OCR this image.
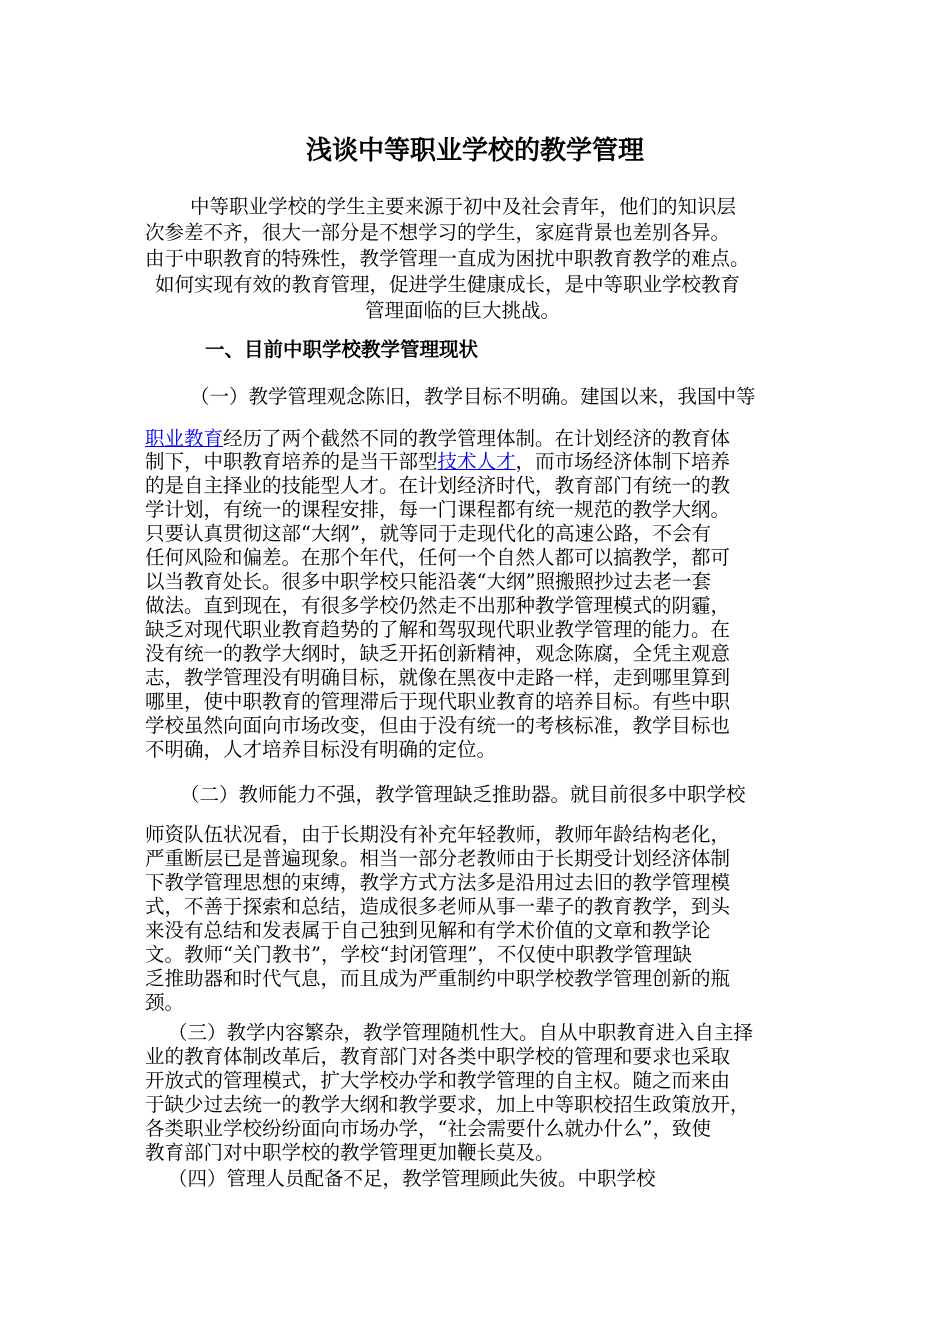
浅谈中等职业学校的教学管理
中等职业学校的学生主要来源于初中及社会青年，他们的知识层
次参差不齐，很大一部分是不想学习的学生，家庭背景也差别各异。
由于中职教育的特殊性，教学管理一直成为困扰中职教育教学的难点。
如何实现有效的教育管理，促进学生健康成长，是中等职业学校教育
管理面临的巨大挑战。
一、目前中职学校教学管理现状
（一）教学管理观念陈旧，教学目标不明确。建国以来，我国中等
职业教育经历了两个截然不同的教学管理体制。在计划经济的教育体
制下，中职教育培养的是当干部型技术人才，而市场经济体制下培养
的是自主择业的技能型人才。在计划经济时代，教育部门有统一的教
学计划，有统一的课程安排，每一门课程都有统一规范的教学大纲。
只要认真贯彻这部“大纲”，就等同于走现代化的高速公路，不会有
任何风险和偏差。在那个年代，任何一个自然人都可以搞教学，都可
以当教育处长。很多中职学校只能沿袭“大纲”照搬照抄过去老一套
做法。直到现在，有很多学校仍然走不出那种教学管理模式的阴霾，
缺乏对现代职业教育趋势的了解和驾驭现代职业教学管理的能力。在
没有统一的教学大纲时，缺乏开拓创新精神，观念陈腐，全凭主观意
志，教学管理没有明确目标，就像在黑夜中走路一样，走到哪里算到
哪里，使中职教育的管理滞后于现代职业教育的培养目标。有些中职
学校虽然向面向市场改变，但由于没有统一的考核标准，教学目标也
不明确，人才培养目标没有明确的定位。
（二）教师能力不强，教学管理缺乏推助器。就目前很多中职学校
师资队伍状况看，由于长期没有补充年轻教师，教师年龄结构老化，
严重断层已是普遍现象。相当一部分老教师由于长期受计划经济体制
下教学管理思想的束缚，教学方式方法多是沿用过去旧的教学管理模
式，不善于探索和总结，造成很多老师从事一辈子的教育教学，到头
来没有总结和发表属于自己独到见解和有学术价值的文章和教学论
文。教师“关门教书”，学校“封闭管理”，不仅使中职教学管理缺
乏推助器和时代气息，而且成为严重制约中职学校教学管理创新的瓶
颈。
（三）教学内容繁杂，教学管理随机性大。自从中职教育进入自主择
业的教育体制改革后，教育部门对各类中职学校的管理和要求也采取
开放式的管理模式，扩大学校办学和教学管理的自主权。随之而来由
于缺少过去统一的教学大纲和教学要求，加上中等职校招生政策放开，
各类职业学校纷纷面向市场办学，“社会需要什么就办什么”，致使
教育部门对中职学校的教学管理更加鞭长莫及。
（四）管理人员配备不足，教学管理顾此失彼。中职学校
